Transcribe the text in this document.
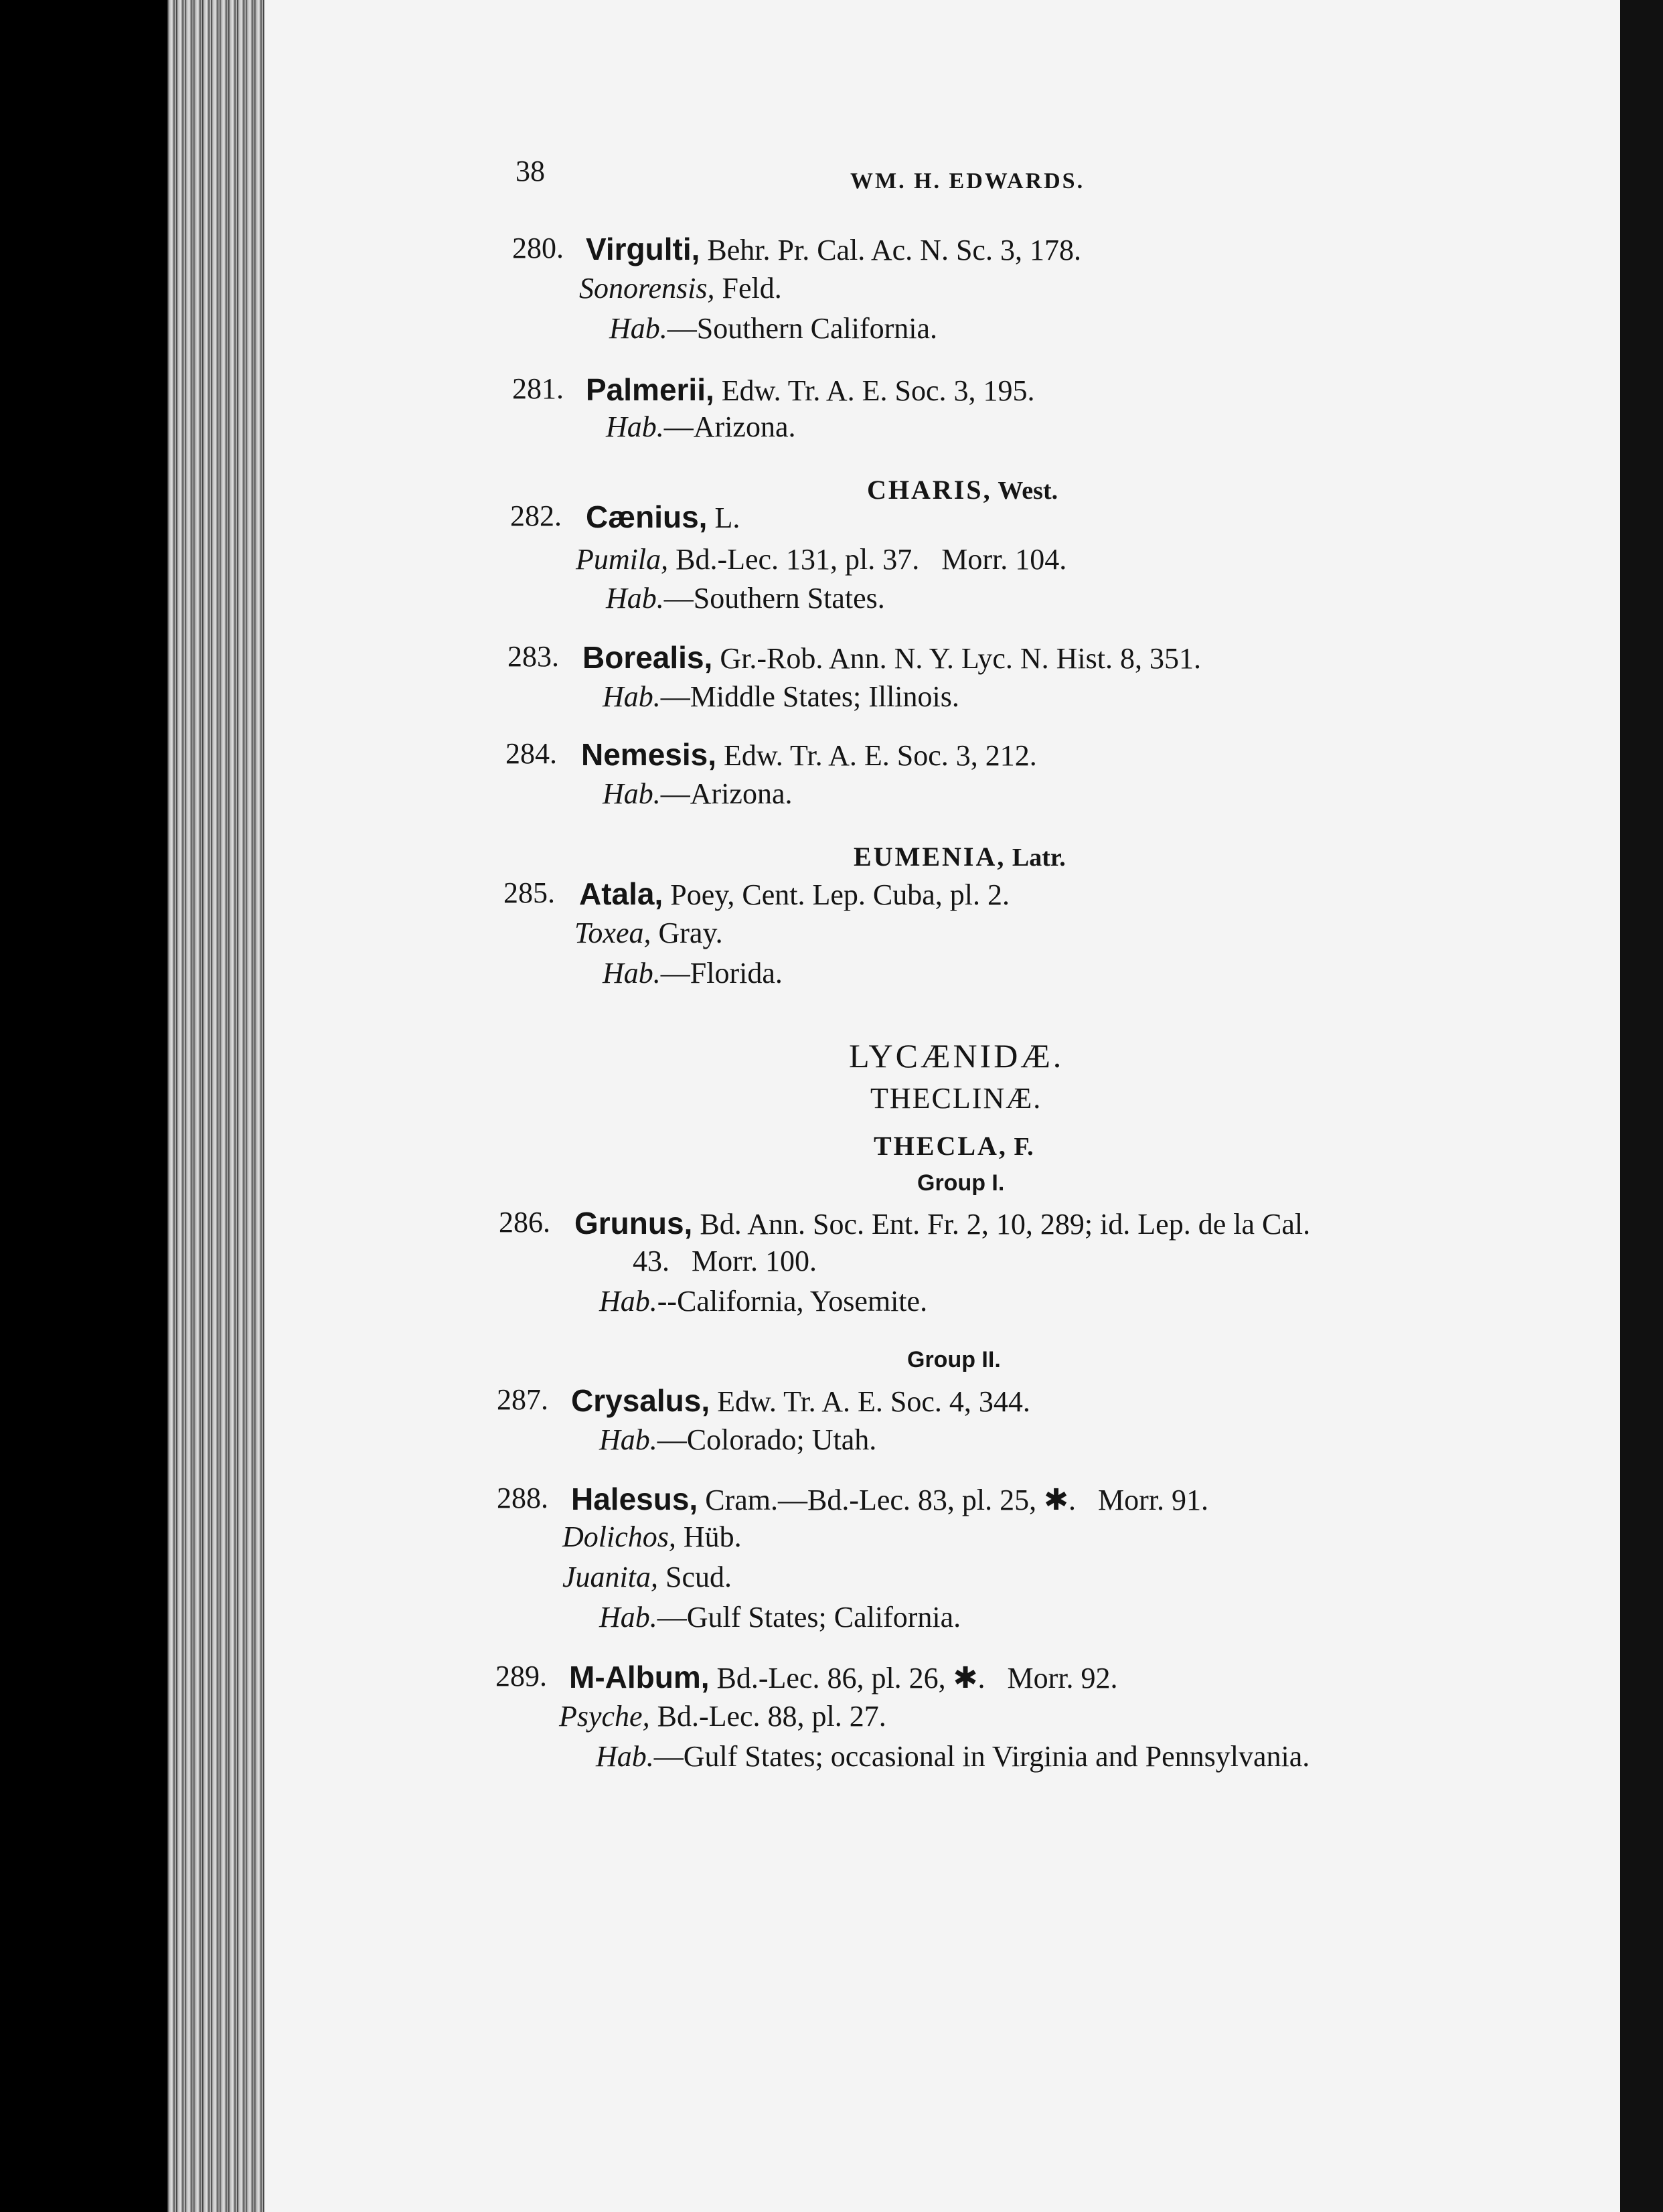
38	WM. H. EDWARDS.
280. Virgulti, Behr. Pr. Cal. Ac. N. Sc. 3, 178.
Sonorensis, Feld.
Hab.—Southern California.
281. Palmerii, Edw. Tr. A. E. Soc. 3, 195.
Hab.—Arizona.
CHARIS, West.
282. Cænius, L.
Pumila, Bd.-Lec. 131, pl. 37.   Morr. 104.
Hab.—Southern States.
283. Borealis, Gr.-Rob. Ann. N. Y. Lyc. N. Hist. 8, 351.
Hab.—Middle States; Illinois.
284. Nemesis, Edw. Tr. A. E. Soc. 3, 212.
Hab.—Arizona.
EUMENIA, Latr.
285. Atala, Poey, Cent. Lep. Cuba, pl. 2.
Toxea, Gray.
Hab.—Florida.
LYCÆNIDÆ.
THECLINÆ.
THECLA, F.
Group I.
286. Grunus, Bd. Ann. Soc. Ent. Fr. 2, 10, 289; id. Lep. de la Cal.
43.   Morr. 100.
Hab.--California, Yosemite.
Group II.
287. Crysalus, Edw. Tr. A. E. Soc. 4, 344.
Hab.—Colorado; Utah.
288. Halesus, Cram.—Bd.-Lec. 83, pl. 25, ✱.   Morr. 91.
Dolichos, Hüb.
Juanita, Scud.
Hab.—Gulf States; California.
289. M-Album, Bd.-Lec. 86, pl. 26, ✱.   Morr. 92.
Psyche, Bd.-Lec. 88, pl. 27.
Hab.—Gulf States; occasional in Virginia and Pennsylvania.
